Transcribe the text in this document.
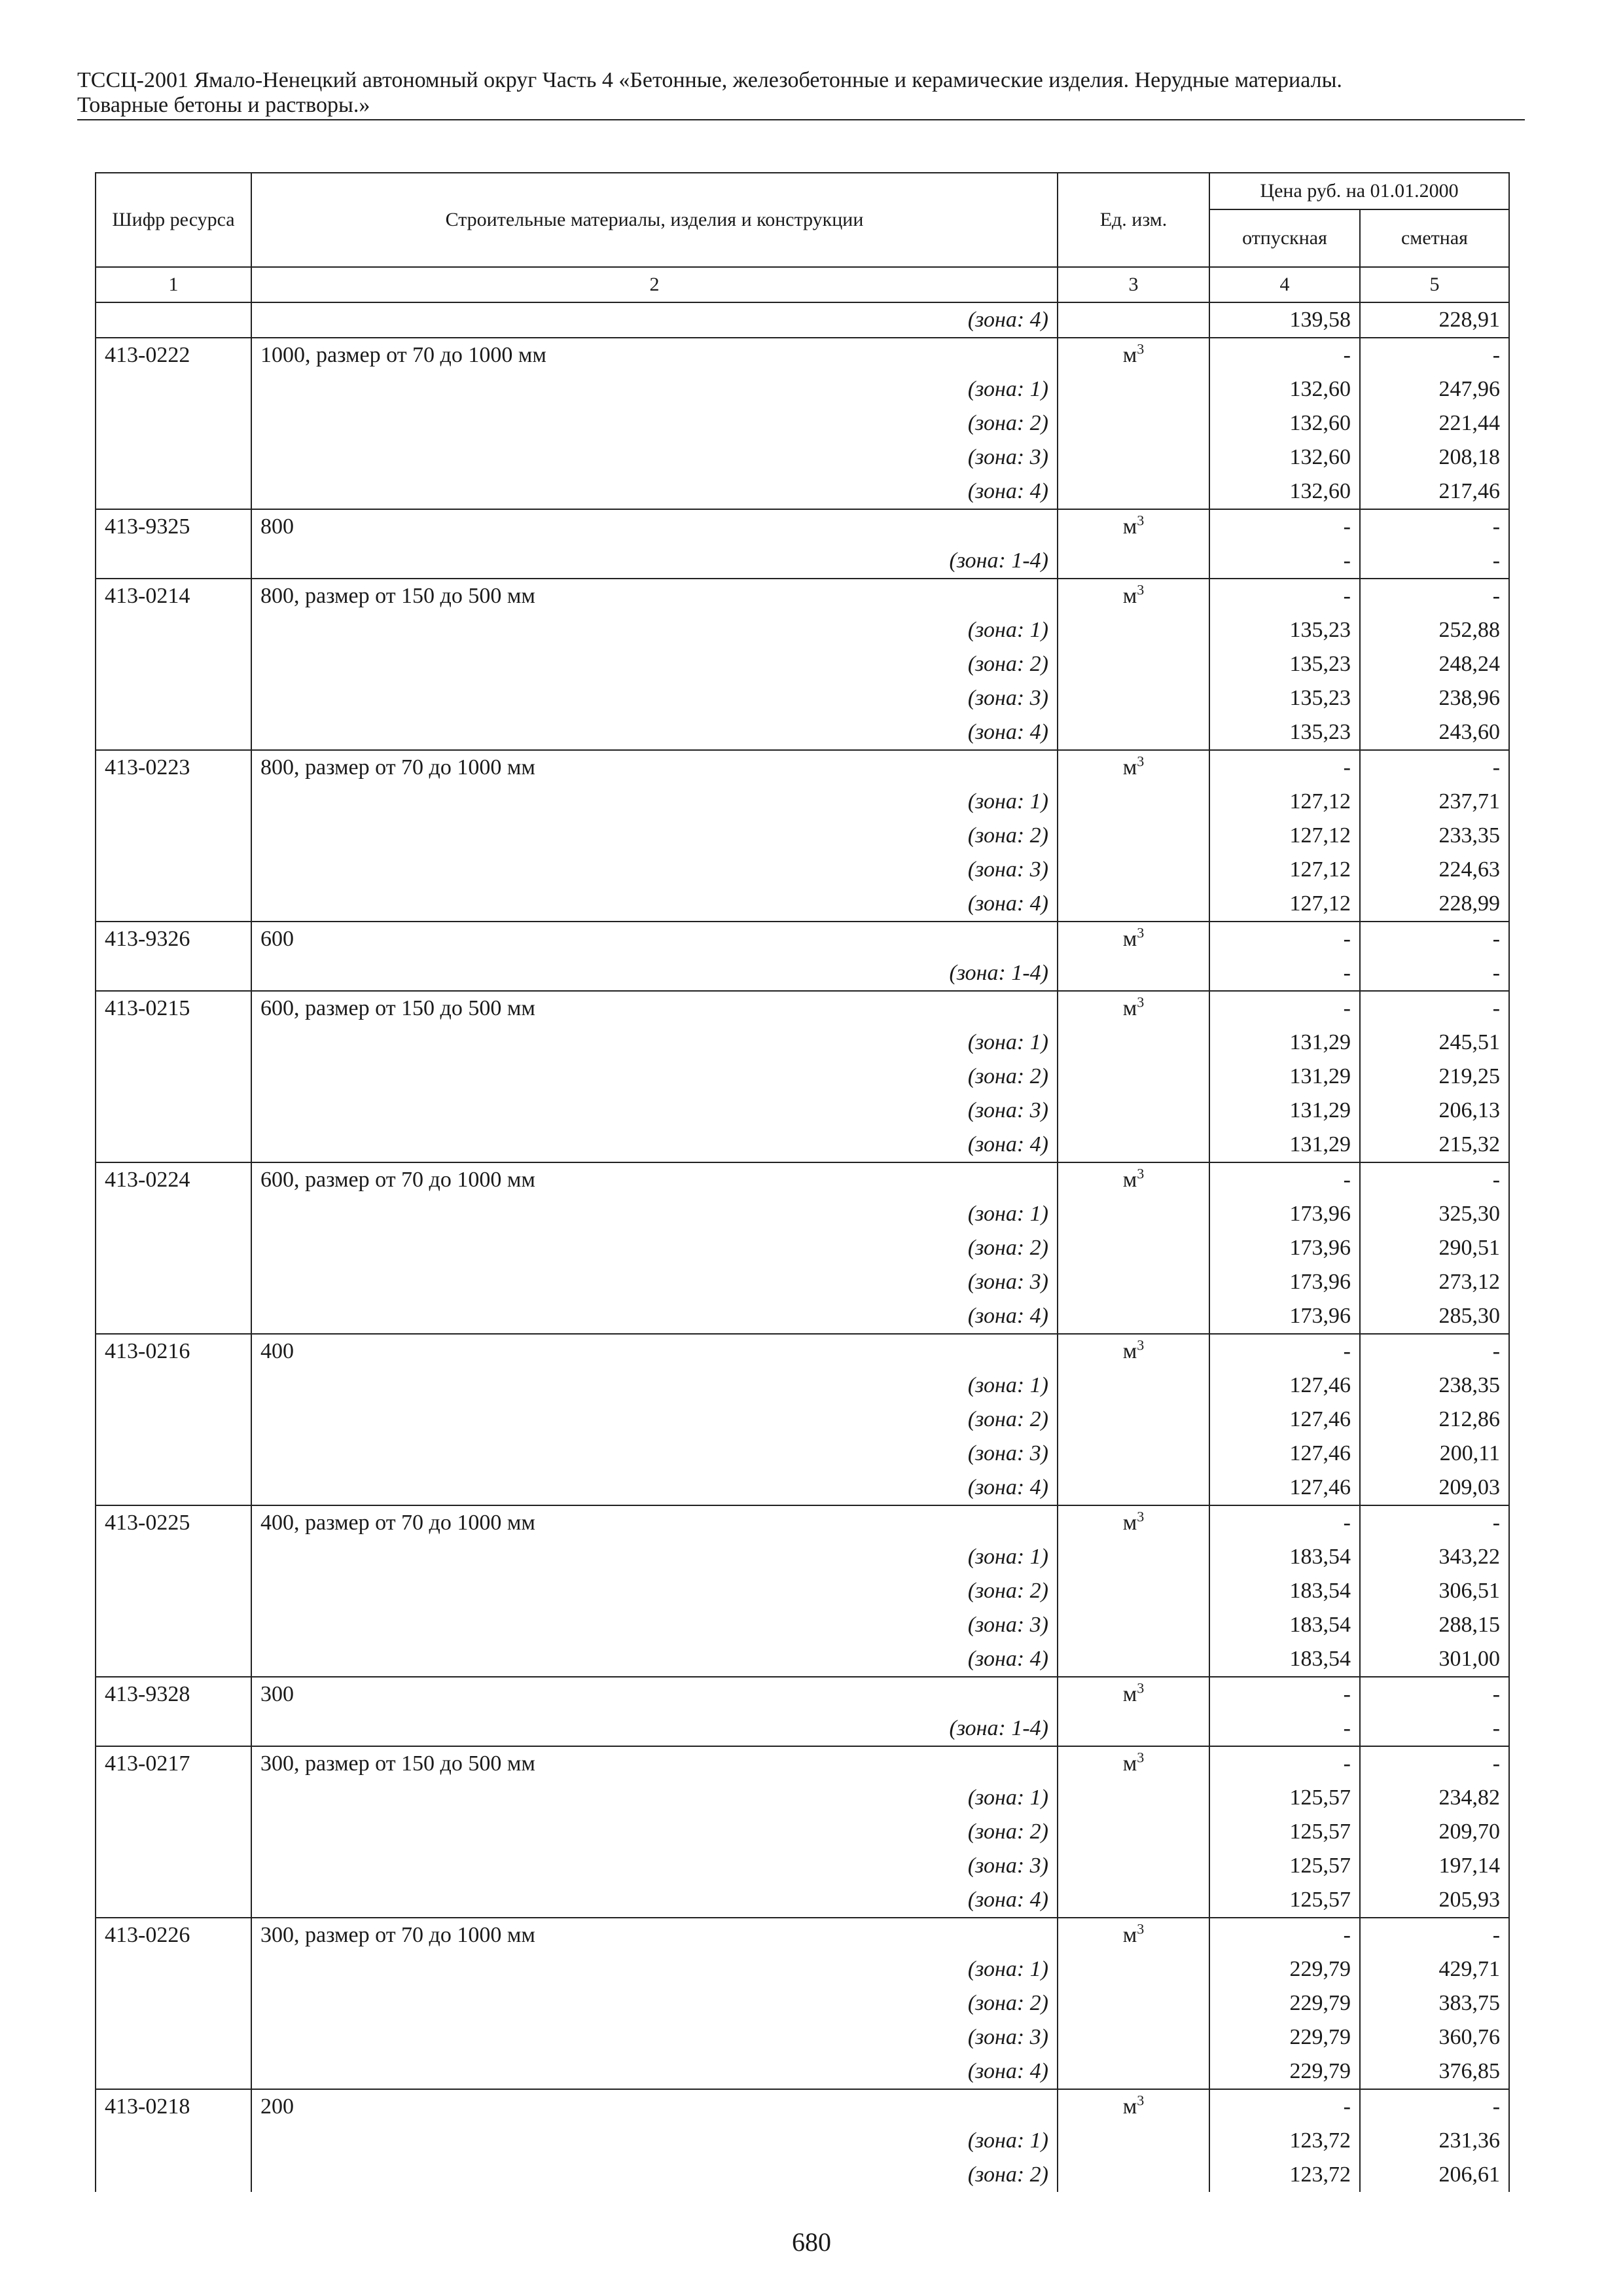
ТССЦ-2001 Ямало-Ненецкий автономный округ Часть 4 «Бетонные, железобетонные и керамические изделия. Нерудные материалы.
Товарные бетоны и растворы.»
Шифр ресурса	Строительные материалы, изделия и конструкции	Ед. изм.	Цена руб. на 01.01.2000	
			отпускная	сметная
1	2	3	4	5
	(зона: 4)		139,58	228,91
413-0222	1000, размер от 70 до 1000 мм	$м^3$	-	-
	(зона: 1)		132,60	247,96
	(зона: 2)		132,60	221,44
	(зона: 3)		132,60	208,18
	(зона: 4)		132,60	217,46
413-9325	800	$м^3$	-	-
	(зона: 1-4)		-	-
413-0214	800, размер от 150 до 500 мм	$м^3$	-	-
	(зона: 1)		135,23	252,88
	(зона: 2)		135,23	248,24
	(зона: 3)		135,23	238,96
	(зона: 4)		135,23	243,60
413-0223	800, размер от 70 до 1000 мм	$м^3$	-	-
	(зона: 1)		127,12	237,71
	(зона: 2)		127,12	233,35
	(зона: 3)		127,12	224,63
	(зона: 4)		127,12	228,99
413-9326	600	$м^3$	-	-
	(зона: 1-4)		-	-
413-0215	600, размер от 150 до 500 мм	$м^3$	-	-
	(зона: 1)		131,29	245,51
	(зона: 2)		131,29	219,25
	(зона: 3)		131,29	206,13
	(зона: 4)		131,29	215,32
413-0224	600, размер от 70 до 1000 мм	$м^3$	-	-
	(зона: 1)		173,96	325,30
	(зона: 2)		173,96	290,51
	(зона: 3)		173,96	273,12
	(зона: 4)		173,96	285,30
413-0216	400	$м^3$	-	-
	(зона: 1)		127,46	238,35
	(зона: 2)		127,46	212,86
	(зона: 3)		127,46	200,11
	(зона: 4)		127,46	209,03
413-0225	400, размер от 70 до 1000 мм	$м^3$	-	-
	(зона: 1)		183,54	343,22
	(зона: 2)		183,54	306,51
	(зона: 3)		183,54	288,15
	(зона: 4)		183,54	301,00
413-9328	300	$м^3$	-	-
	(зона: 1-4)		-	-
413-0217	300, размер от 150 до 500 мм	$м^3$	-	-
	(зона: 1)		125,57	234,82
	(зона: 2)		125,57	209,70
	(зона: 3)		125,57	197,14
	(зона: 4)		125,57	205,93
413-0226	300, размер от 70 до 1000 мм	$м^3$	-	-
	(зона: 1)		229,79	429,71
	(зона: 2)		229,79	383,75
	(зона: 3)		229,79	360,76
	(зона: 4)		229,79	376,85
413-0218	200	$м^3$	-	-
	(зона: 1)		123,72	231,36
	(зона: 2)		123,72	206,61
680
